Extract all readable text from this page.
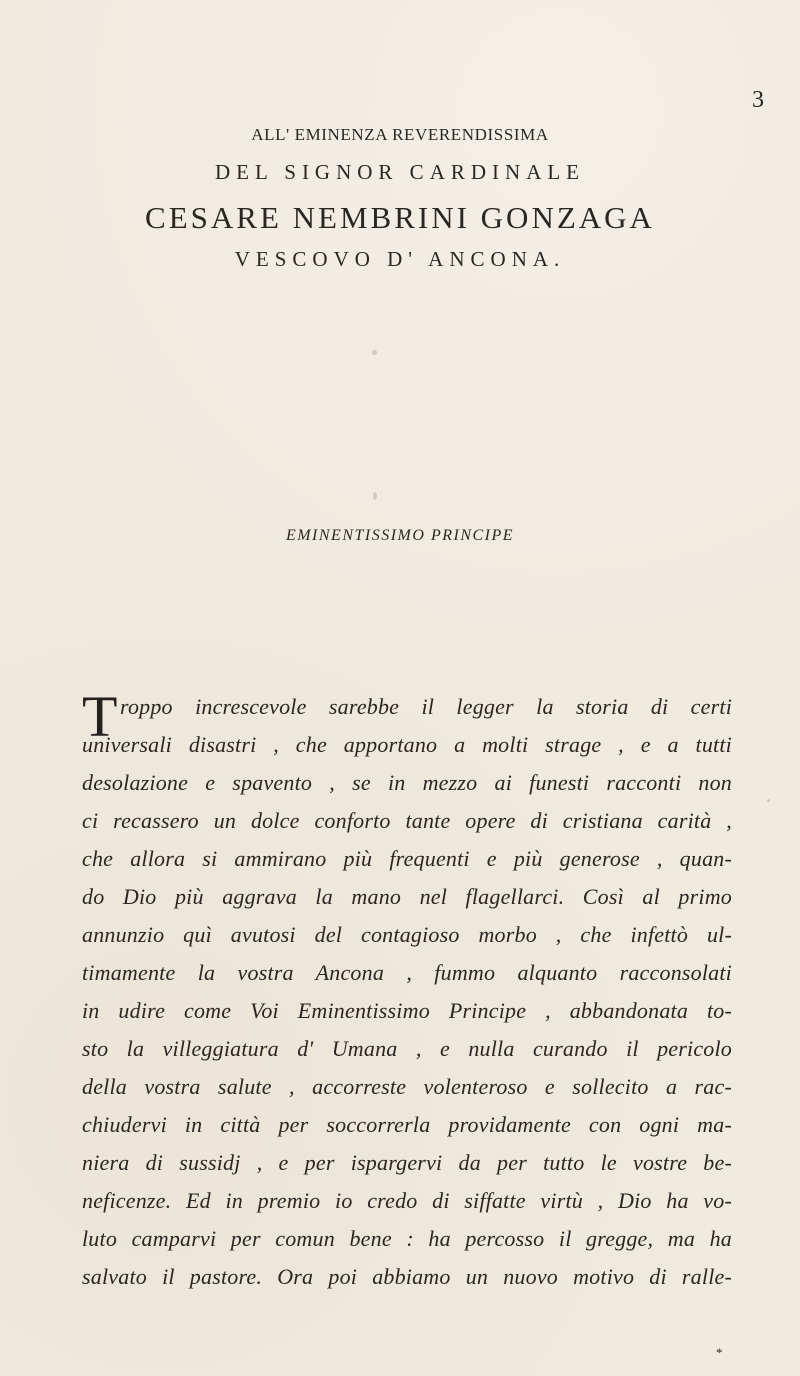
3
ALL' EMINENZA REVERENDISSIMA
DEL SIGNOR CARDINALE
CESARE NEMBRINI GONZAGA
VESCOVO D' ANCONA.
EMINENTISSIMO PRINCIPE
T roppo increscevole sarebbe il legger la storia di certi
universali disastri , che apportano a molti strage , e a tutti
desolazione e spavento , se in mezzo ai funesti racconti non
ci recassero un dolce conforto tante opere di cristiana carità ,
che allora si ammirano più frequenti e più generose , quan-
do Dio più aggrava la mano nel flagellarci. Così al primo
annunzio quì avutosi del contagioso morbo , che infettò ul-
timamente la vostra Ancona , fummo alquanto racconsolati
in udire come Voi Eminentissimo Principe , abbandonata to-
sto la villeggiatura d' Umana , e nulla curando il pericolo
della vostra salute , accorreste volenteroso e sollecito a rac-
chiudervi in città per soccorrerla providamente con ogni ma-
niera di sussidj , e per ispargervi da per tutto le vostre be-
neficenze. Ed in premio io credo di siffatte virtù , Dio ha vo-
luto camparvi per comun bene : ha percosso il gregge, ma ha
salvato il pastore. Ora poi abbiamo un nuovo motivo di ralle-
*
